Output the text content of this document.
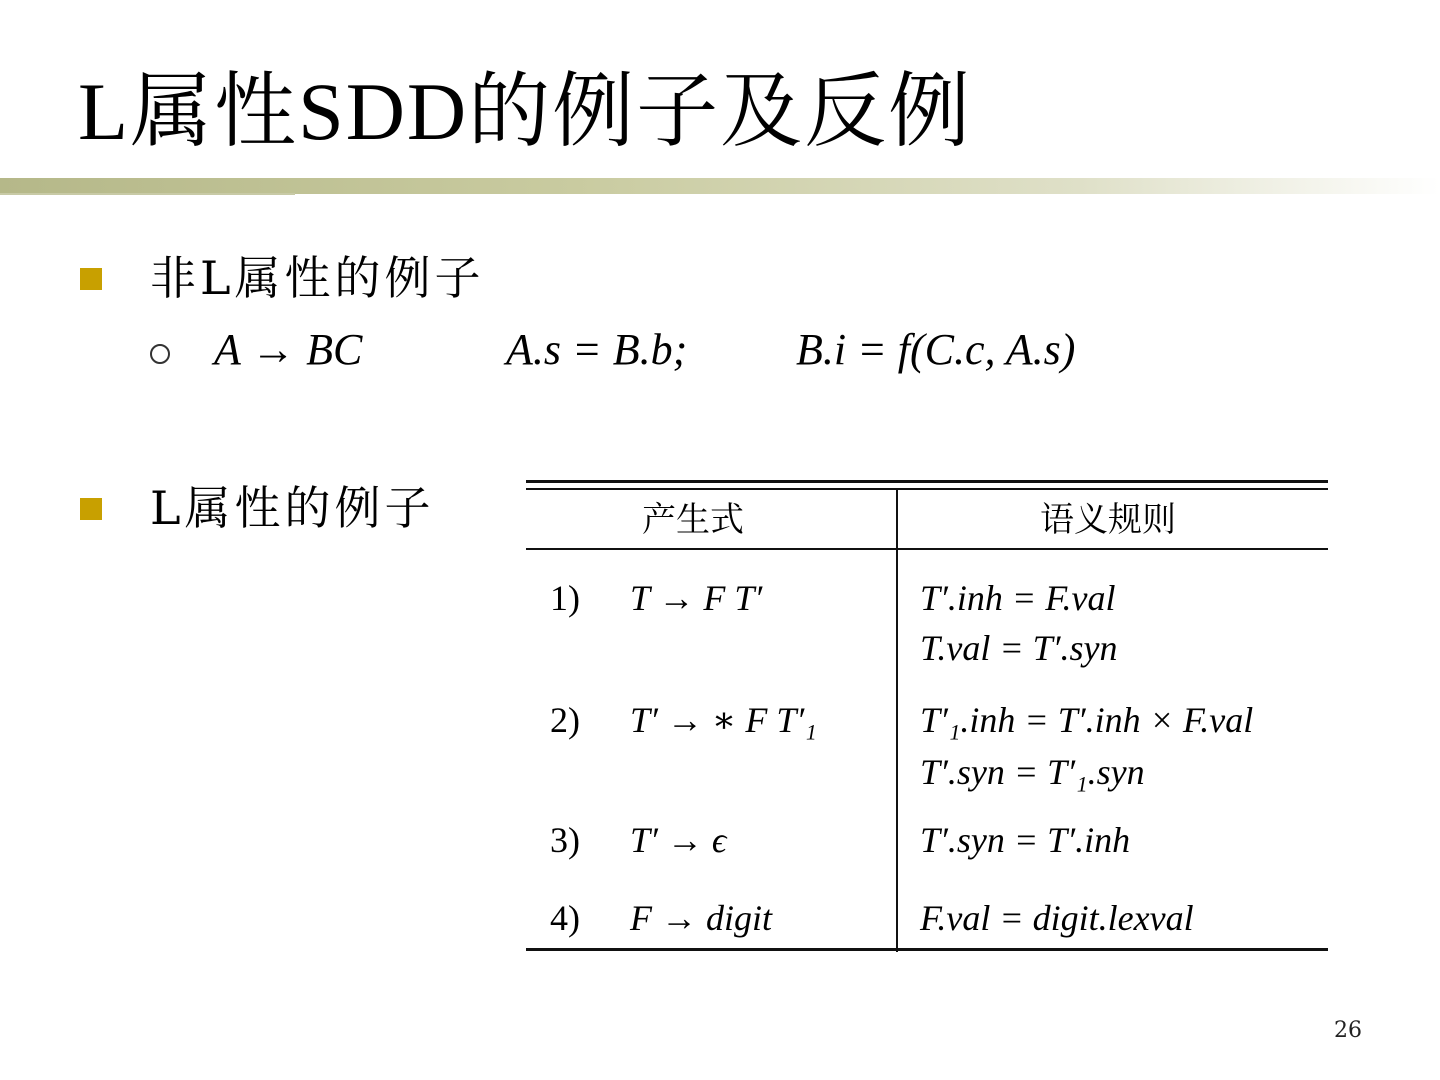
L属性SDD的例子及反例
非L属性的例子
A → BC	A.s = B.b; B.i = f(C.c, A.s)
L属性的例子	产生式	语义规则
1) T → F T′	T′.inh = F.val
T.val = T′.syn
2) T′ → ∗ F T′₁	T′₁.inh = T′.inh × F.val
T′.syn = T′₁.syn
3) T′ → ϵ	T′.syn = T′.inh
4) F → digit	F.val = digit.lexval
26
